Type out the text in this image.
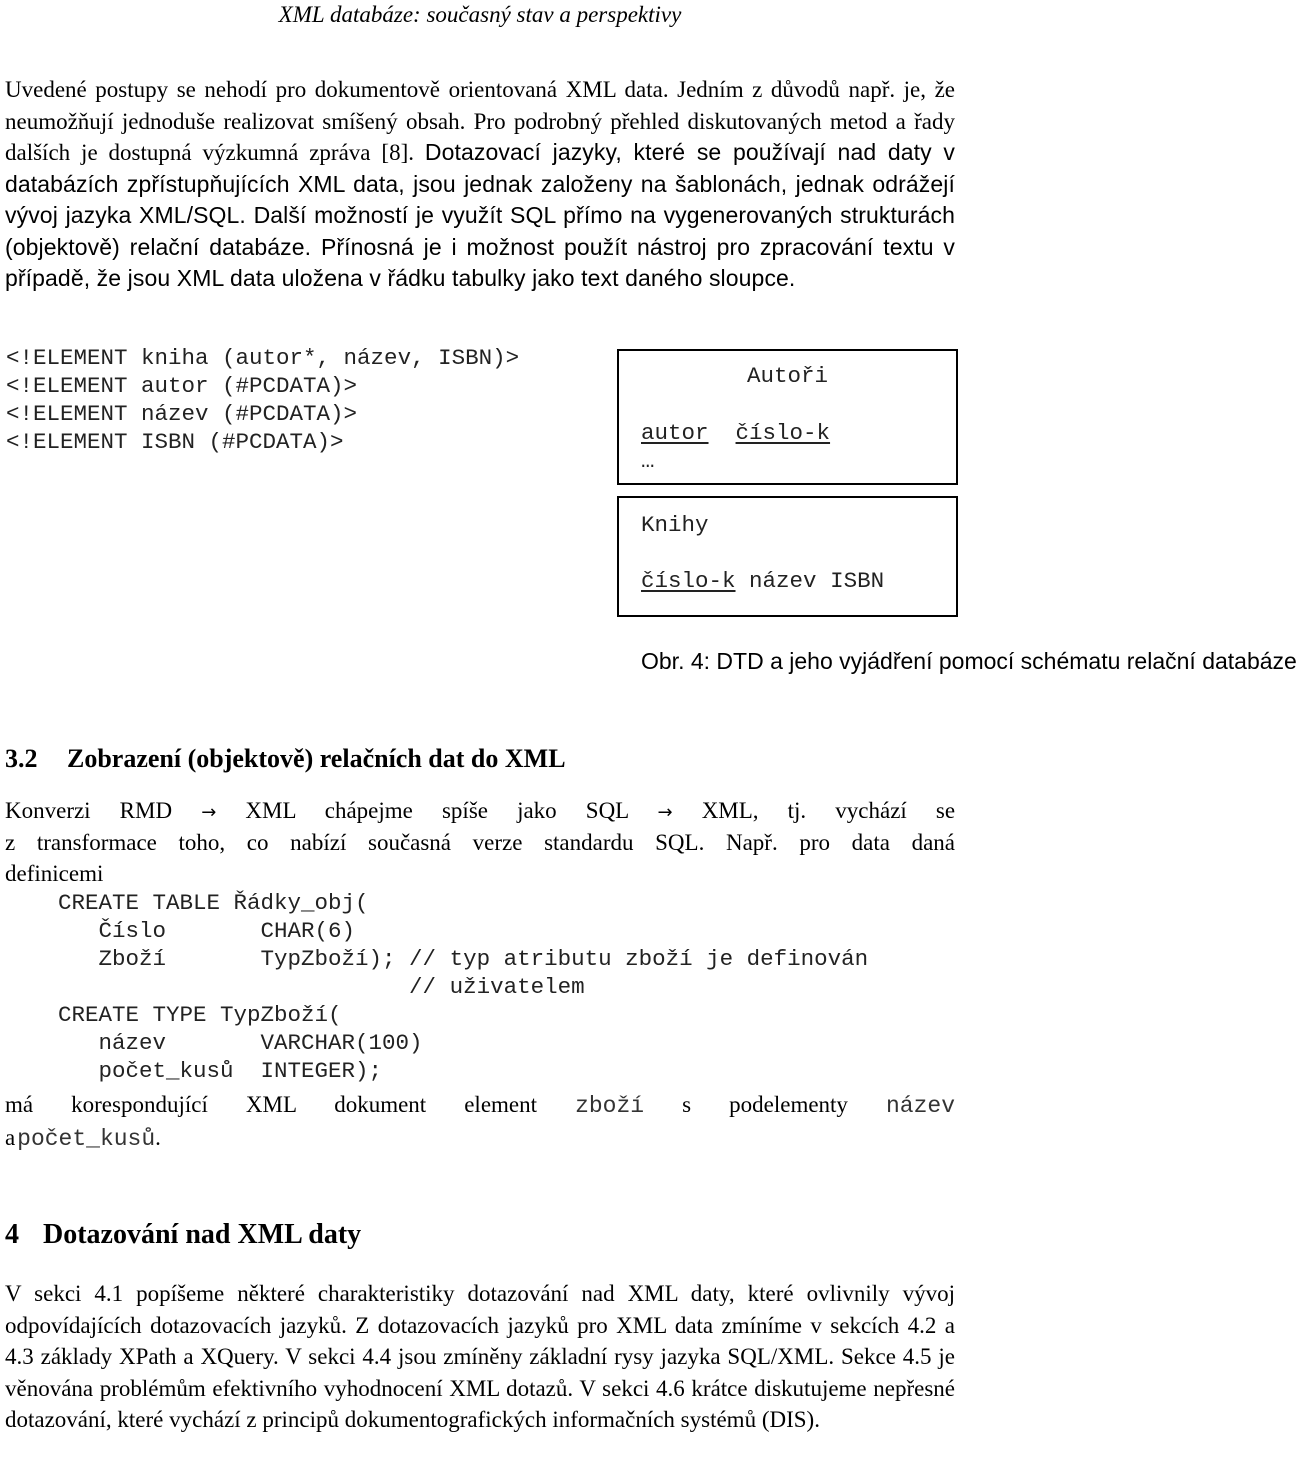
XML databáze: současný stav a perspektivy

Uvedené postupy se nehodí pro dokumentově orientovaná XML data. Jedním z důvodů např. je, že neumožňují jednoduše realizovat smíšený obsah. Pro podrobný přehled diskutovaných metod a řady dalších je dostupná výzkumná zpráva [8]. Dotazovací jazyky, které se používají nad daty v databázích zpřístupňujících XML data, jsou jednak založeny na šablonách, jednak odrážejí vývoj jazyka XML/SQL. Další možností je využít SQL přímo na vygenerovaných strukturách (objektově) relační databáze. Přínosná je i možnost použít nástroj pro zpracování textu v případě, že jsou XML data uložena v řádku tabulky jako text daného sloupce.

<!ELEMENT kniha (autor*, název, ISBN)>
<!ELEMENT autor (#PCDATA)>
<!ELEMENT název (#PCDATA)>
<!ELEMENT ISBN (#PCDATA)>
Autoři
autor číslo-k
…
Knihy
číslo-k název ISBN
Obr. 4: DTD a jeho vyjádření pomocí schématu relační databáze
3.2 Zobrazení (objektově) relačních dat do XML

Konverzi RMD → XML chápejme spíše jako SQL → XML, tj. vychází se

z transformace toho, co nabízí současná verze standardu SQL. Např. pro data daná

definicemi

CREATE TABLE Řádky_obj(
Číslo       CHAR(6)
Zboží       TypZboží); // typ atributu zboží je definován
// uživatelem
CREATE TYPE TypZboží(
název       VARCHAR(100)
počet_kusů  INTEGER);

má korespondující XML dokument element zboží s podelementy název

a počet_kusů.

4 Dotazování nad XML daty

V sekci 4.1 popíšeme některé charakteristiky dotazování nad XML daty, které ovlivnily vývoj odpovídajících dotazovacích jazyků. Z dotazovacích jazyků pro XML data zmíníme v sekcích 4.2 a 4.3 základy XPath a XQuery. V sekci 4.4 jsou zmíněny základní rysy jazyka SQL/XML. Sekce 4.5 je věnována problémům efektivního vyhodnocení XML dotazů. V sekci 4.6 krátce diskutujeme nepřesné dotazování, které vychází z principů dokumentografických informačních systémů (DIS).
